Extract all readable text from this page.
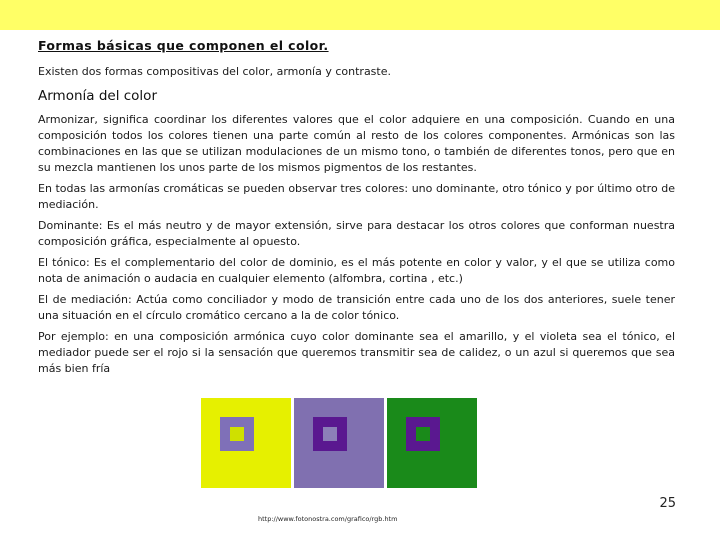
Formas básicas que componen el color.
Existen dos formas compositivas del color, armonía y contraste.
Armonía del color

Armonizar, significa coordinar los diferentes valores que el color adquiere en una composición. Cuando en una composición todos los colores tienen una parte común al resto de los colores componentes. Armónicas son las combinaciones en las que se utilizan modulaciones de un mismo tono, o también de diferentes tonos, pero que en su mezcla mantienen los unos parte de los mismos pigmentos de los restantes.

En todas las armonías cromáticas se pueden observar tres colores: uno dominante, otro tónico y por último otro de mediación.

Dominante: Es el más neutro y de mayor extensión, sirve para destacar los otros colores que conforman nuestra composición gráfica, especialmente al opuesto.

El tónico: Es el complementario del color de dominio, es el más potente en color y valor, y el que se utiliza como nota de animación o audacia en cualquier elemento (alfombra, cortina , etc.)

El de mediación: Actúa como conciliador y modo de transición entre cada uno de los dos anteriores, suele tener una situación en el círculo cromático cercano a la de color tónico.

Por ejemplo: en una composición armónica cuyo color dominante sea el amarillo, y el violeta sea el tónico, el mediador puede ser el rojo si la sensación que queremos transmitir sea de calidez, o un azul si queremos que sea más bien fría

25
http://www.fotonostra.com/grafico/rgb.htm
